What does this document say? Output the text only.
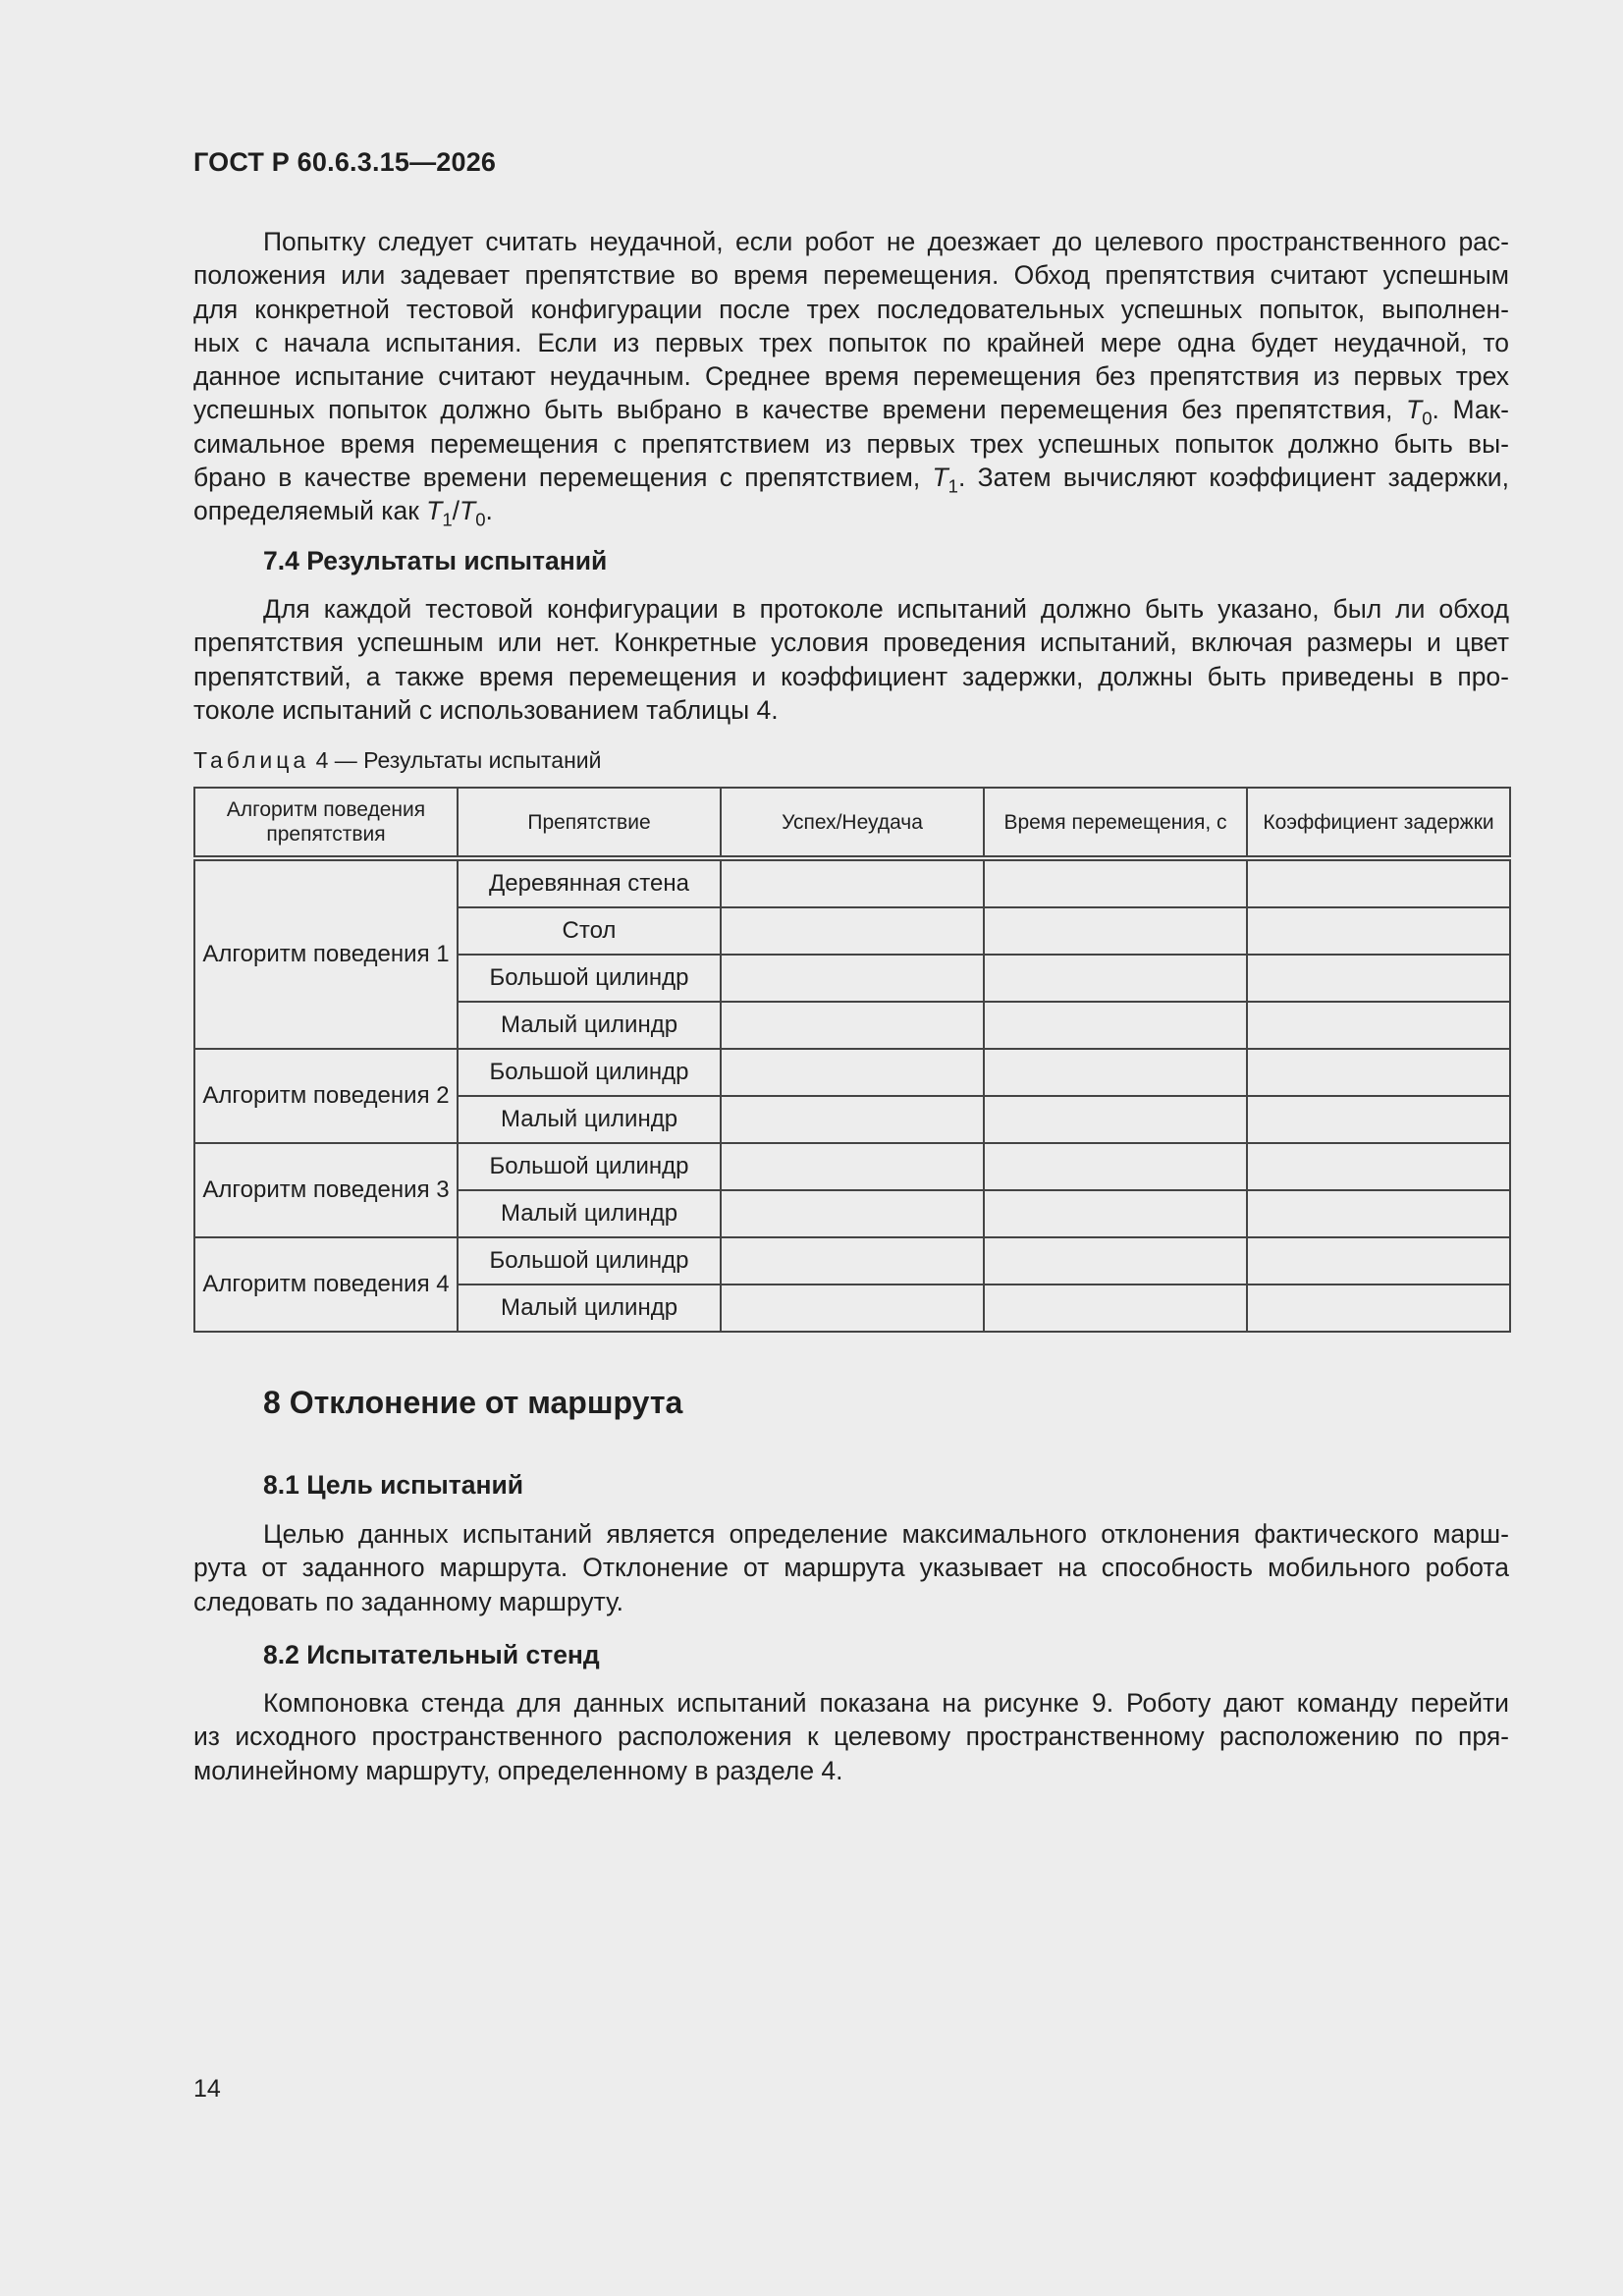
ГОСТ Р 60.6.3.15—2026
Попытку следует считать неудачной, если робот не доезжает до целевого пространственного рас-
положения или задевает препятствие во время перемещения. Обход препятствия считают успешным
для конкретной тестовой конфигурации после трех последовательных успешных попыток, выполнен-
ных с начала испытания. Если из первых трех попыток по крайней мере одна будет неудачной, то
данное испытание считают неудачным. Среднее время перемещения без препятствия из первых трех
успешных попыток должно быть выбрано в качестве времени перемещения без препятствия, $T_0$. Мак-
симальное время перемещения с препятствием из первых трех успешных попыток должно быть вы-
брано в качестве времени перемещения с препятствием, $T_1$. Затем вычисляют коэффициент задержки,
определяемый как $T_1/T_0$.
7.4 Результаты испытаний
Для каждой тестовой конфигурации в протоколе испытаний должно быть указано, был ли обход
препятствия успешным или нет. Конкретные условия проведения испытаний, включая размеры и цвет
препятствий, а также время перемещения и коэффициент задержки, должны быть приведены в про-
токоле испытаний с использованием таблицы 4.
Таблица 4 — Результаты испытаний
Алгоритм поведения препятствия	Препятствие	Успех/Неудача	Время перемещения, с	Коэффициент задержки
Алгоритм поведения 1	Деревянная стена			
	Стол			
	Большой цилиндр			
	Малый цилиндр			
Алгоритм поведения 2	Большой цилиндр			
	Малый цилиндр			
Алгоритм поведения 3	Большой цилиндр			
	Малый цилиндр			
Алгоритм поведения 4	Большой цилиндр			
	Малый цилиндр			
8 Отклонение от маршрута
8.1 Цель испытаний
Целью данных испытаний является определение максимального отклонения фактического марш-
рута от заданного маршрута. Отклонение от маршрута указывает на способность мобильного робота
следовать по заданному маршруту.
8.2 Испытательный стенд
Компоновка стенда для данных испытаний показана на рисунке 9. Роботу дают команду перейти
из исходного пространственного расположения к целевому пространственному расположению по пря-
молинейному маршруту, определенному в разделе 4.
14
